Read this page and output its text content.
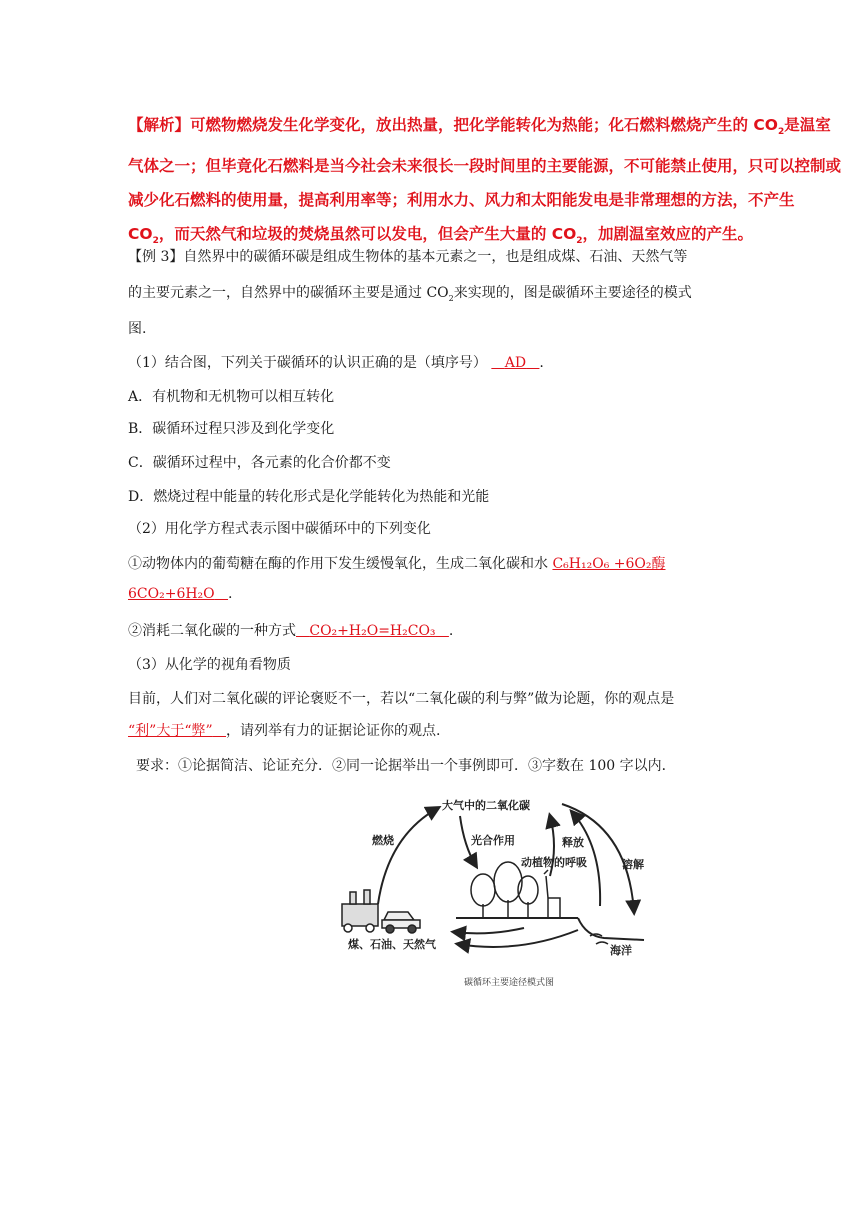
【解析】可燃物燃烧发生化学变化，放出热量，把化学能转化为热能；化石燃料燃烧产生的 $CO_2$是温室气体之一；但毕竟化石燃料是当今社会未来很长一段时间里的主要能源，不可能禁止使用，只可以控制或减少化石燃料的使用量，提高利用率等；利用水力、风力和太阳能发电是非常理想的方法，不产生 $CO_2$，而天然气和垃圾的焚烧虽然可以发电，但会产生大量的 $CO_2$，加剧温室效应的产生。
【例 3】自然界中的碳循环碳是组成生物体的基本元素之一，也是组成煤、石油、天然气等
的主要元素之一，自然界中的碳循环主要是通过 $CO_2$来实现的，图是碳循环主要途径的模式
图.
（1）结合图，下列关于碳循环的认识正确的是（填序号） AD .
A．有机物和无机物可以相互转化
B．碳循环过程只涉及到化学变化
C．碳循环过程中，各元素的化合价都不变
D．燃烧过程中能量的转化形式是化学能转化为热能和光能
（2）用化学方程式表示图中碳循环中的下列变化
①动物体内的葡萄糖在酶的作用下发生缓慢氧化，生成二氧化碳和水 C₆H₁₂O₆ +6O₂酶
6CO₂+6H₂O .
②消耗二氧化碳的一种方式 CO₂+H₂O=H₂CO₃ .
（3）从化学的视角看物质
目前，人们对二氧化碳的评论褒贬不一，若以“二氧化碳的利与弊”做为论题，你的观点是
“利”大于“弊” ，请列举有力的证据论证你的观点.
要求：①论据简洁、论证充分．②同一论据举出一个事例即可．③字数在 100 字以内．
大气中的二氧化碳
燃烧	光合作用	释放
动植物的呼吸	溶解
煤、石油、天然气	海洋
碳循环主要途径模式图
